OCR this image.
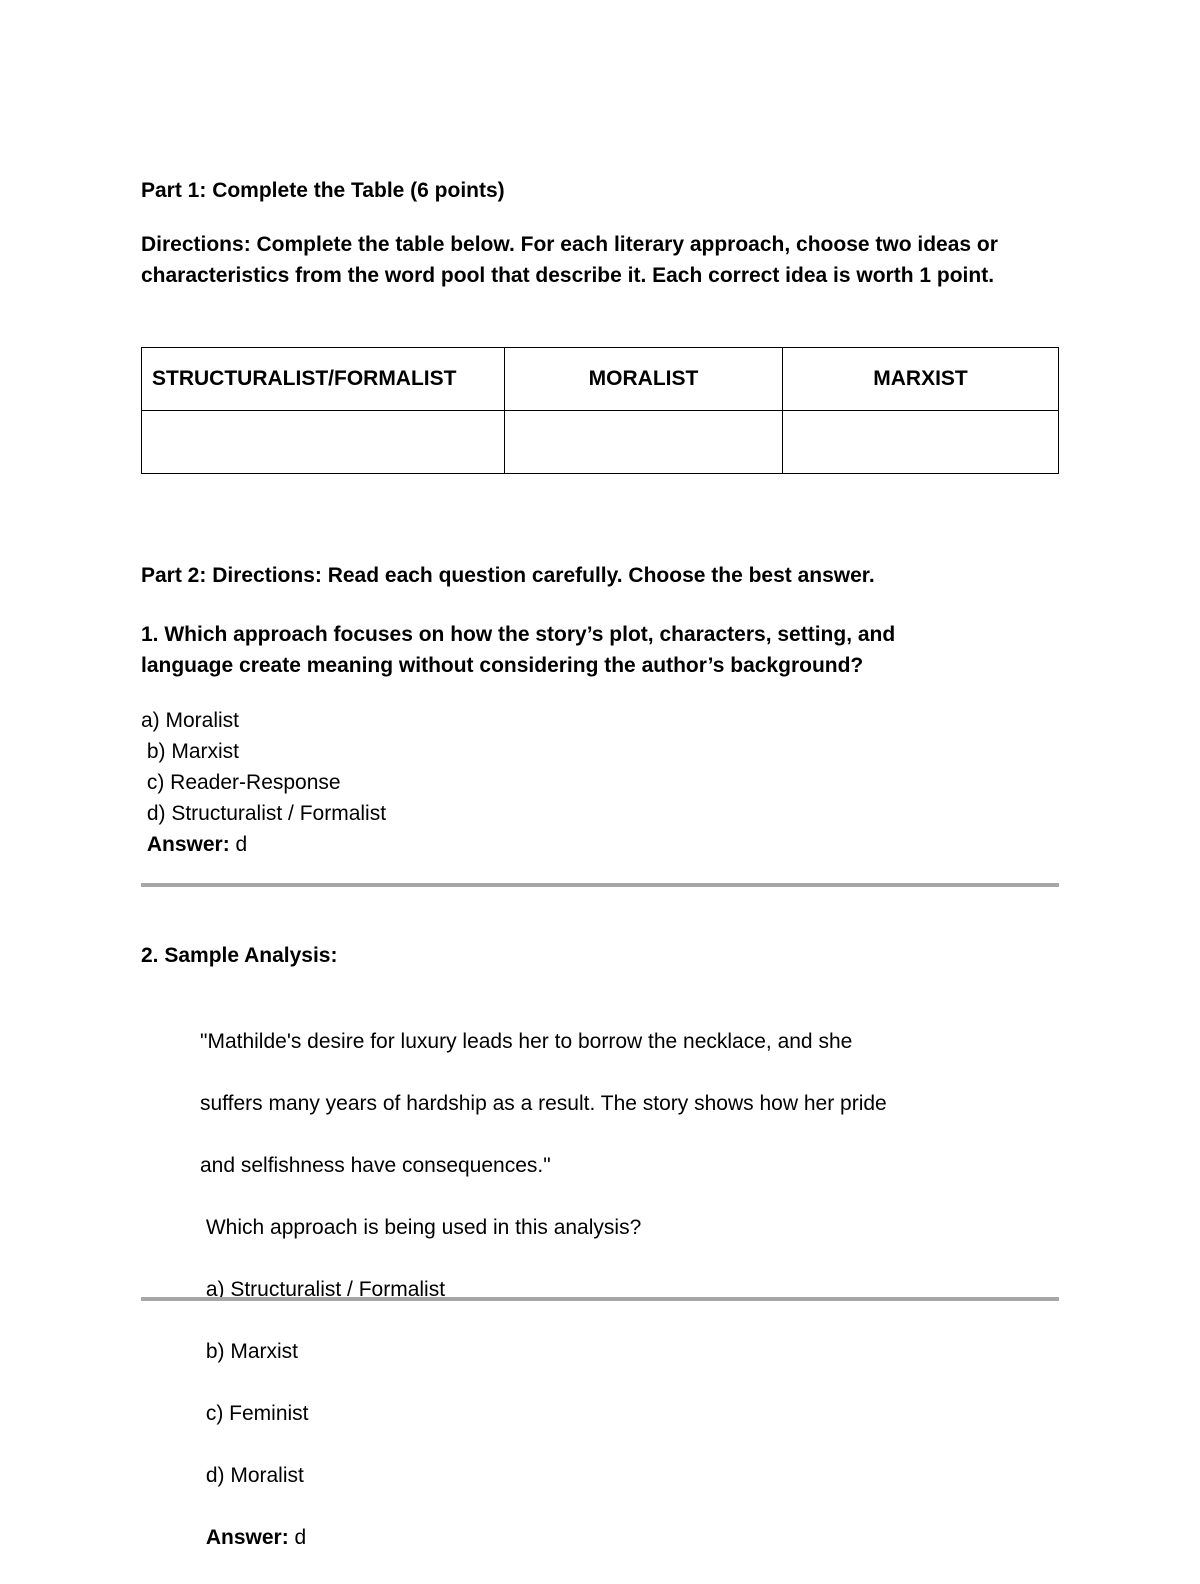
Part 1: Complete the Table (6 points)

Directions: Complete the table below. For each literary approach, choose two ideas or characteristics from the word pool that describe it. Each correct idea is worth 1 point.

STRUCTURALIST/FORMALIST	MORALIST	MARXIST

Part 2: Directions: Read each question carefully. Choose the best answer.

1. Which approach focuses on how the story’s plot, characters, setting, and
language create meaning without considering the author’s background?
a) Moralist
b) Marxist
c) Reader-Response
d) Structuralist / Formalist
Answer: d

2. Sample Analysis:

"Mathilde's desire for luxury leads her to borrow the necklace, and she

suffers many years of hardship as a result. The story shows how her pride

and selfishness have consequences."

Which approach is being used in this analysis?

a) Structuralist / Formalist

b) Marxist

c) Feminist

d) Moralist

Answer: d
